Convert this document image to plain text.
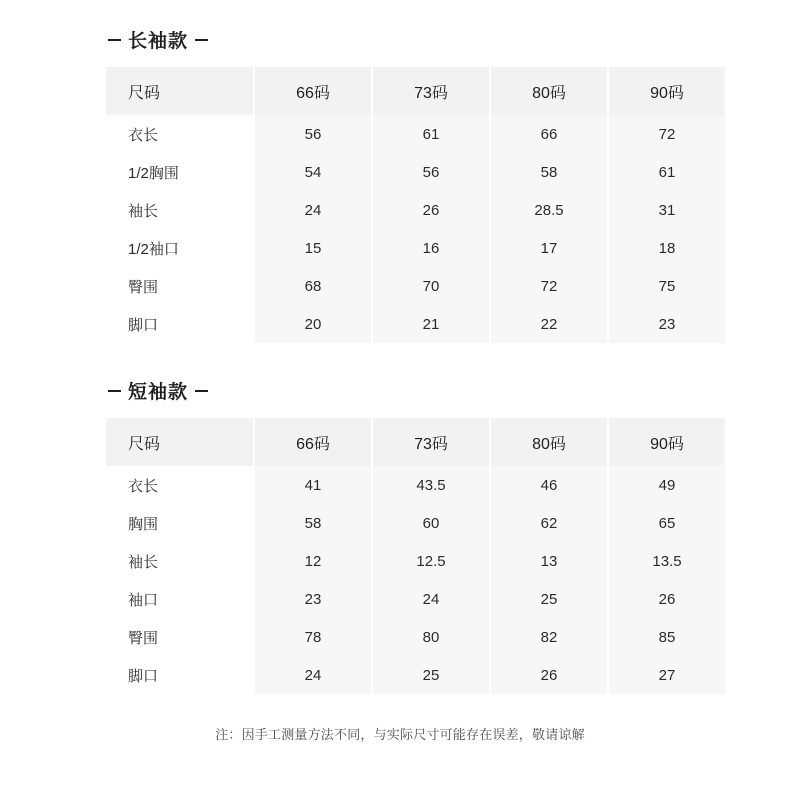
长袖款
尺码	66码	73码	80码	90码
衣长	56	61	66	72
1/2胸围	54	56	58	61
袖长	24	26	28.5	31
1/2袖口	15	16	17	18
臀围	68	70	72	75
脚口	20	21	22	23
短袖款
尺码	66码	73码	80码	90码
衣长	41	43.5	46	49
胸围	58	60	62	65
袖长	12	12.5	13	13.5
袖口	23	24	25	26
臀围	78	80	82	85
脚口	24	25	26	27
注：因手工测量方法不同，与实际尺寸可能存在误差，敬请谅解
